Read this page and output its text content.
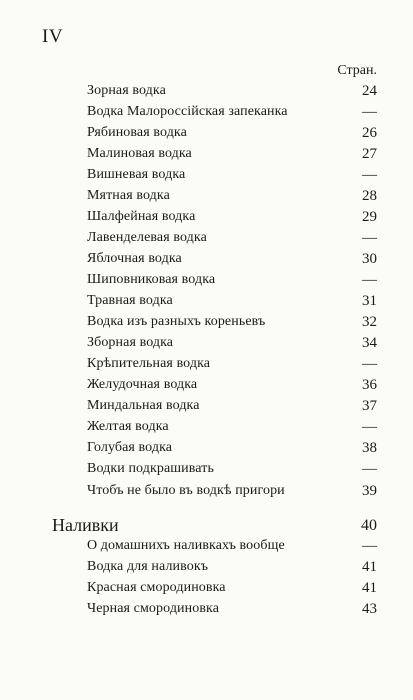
IV
Стран.
Зорная водка	24
Водка Малороссійская запеканка	—
Рябиновая водка	26
Малиновая водка	27
Вишневая водка	—
Мятная водка	28
Шалфейная водка	29
Лавенделевая водка	—
Яблочная водка	30
Шиповниковая водка	—
Травная водка	31
Водка изъ разныхъ кореньевъ	32
Зборная водка	34
Крѣпительная водка	—
Желудочная водка	36
Миндальная водка	37
Желтая водка	—
Голубая водка	38
Водки подкрашивать	—
Чтобъ не было въ водкѣ пригори	39
Наливки	40
О домашнихъ наливкахъ вообще	—
Водка для наливокъ	41
Красная смородиновка	41
Черная смородиновка	43
